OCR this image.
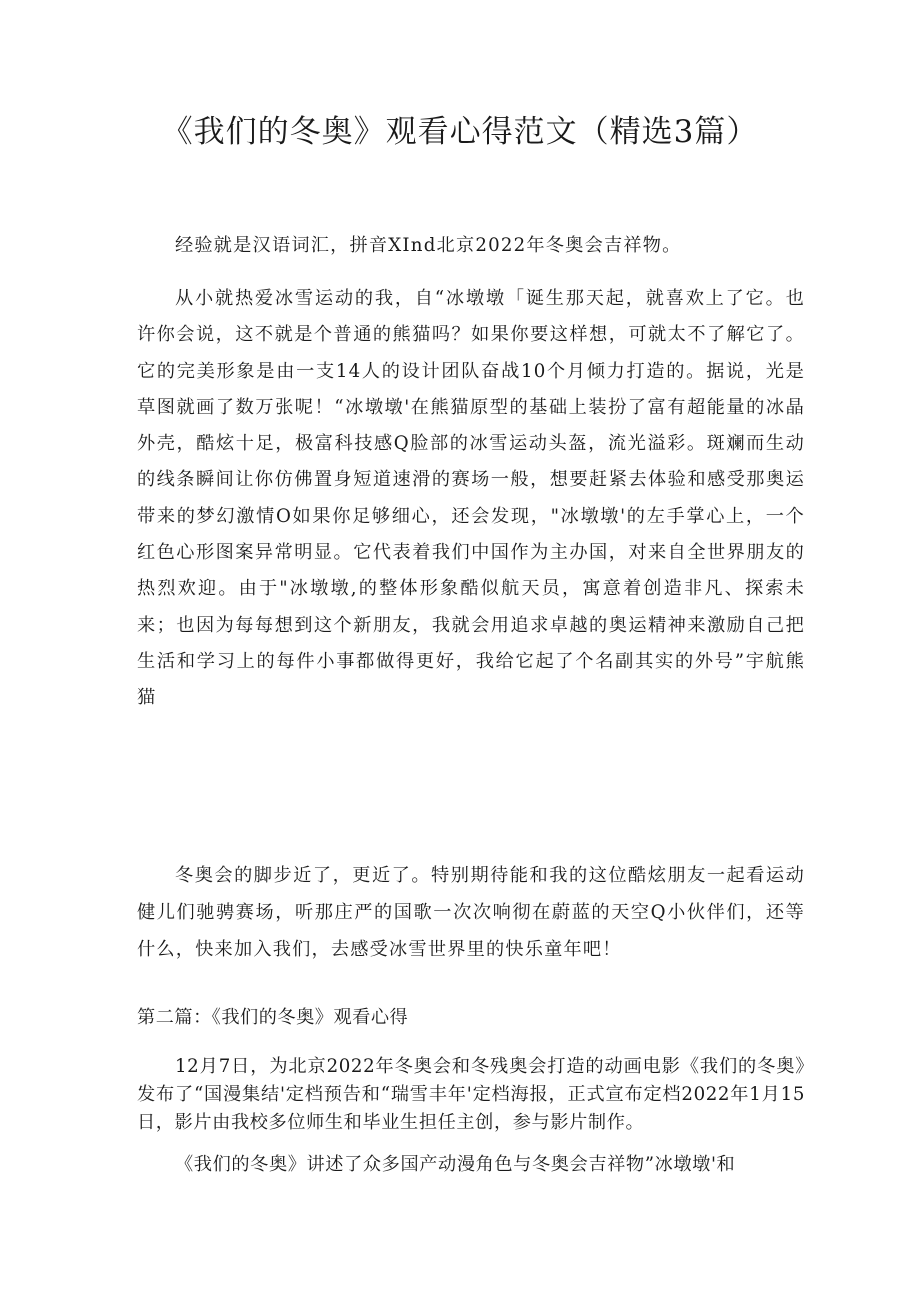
《我们的冬奥》观看心得范文（精选3篇）

经验就是汉语词汇，拼音XInd北京2022年冬奥会吉祥物。

从小就热爱冰雪运动的我，自“冰墩墩「诞生那天起，就喜欢上了它。也许你会说，这不就是个普通的熊猫吗？如果你要这样想，可就太不了解它了。它的完美形象是由一支14人的设计团队奋战10个月倾力打造的。据说，光是草图就画了数万张呢！“冰墩墩'在熊猫原型的基础上装扮了富有超能量的冰晶外壳，酷炫十足，极富科技感Q脸部的冰雪运动头盔，流光溢彩。斑斓而生动的线条瞬间让你仿佛置身短道速滑的赛场一般，想要赶紧去体验和感受那奥运带来的梦幻激情O如果你足够细心，还会发现，"冰墩墩'的左手掌心上，一个红色心形图案异常明显。它代表着我们中国作为主办国，对来自全世界朋友的热烈欢迎。由于"冰墩墩,的整体形象酷似航天员，寓意着创造非凡、探索未来；也因为每每想到这个新朋友，我就会用追求卓越的奥运精神来激励自己把生活和学习上的每件小事都做得更好，我给它起了个名副其实的外号”宇航熊猫

冬奥会的脚步近了，更近了。特别期待能和我的这位酷炫朋友一起看运动健儿们驰骋赛场，听那庄严的国歌一次次响彻在蔚蓝的天空Q小伙伴们，还等什么，快来加入我们，去感受冰雪世界里的快乐童年吧！

第二篇：《我们的冬奥》观看心得

12月7日，为北京2022年冬奥会和冬残奥会打造的动画电影《我们的冬奥》发布了“国漫集结'定档预告和“瑞雪丰年'定档海报，正式宣布定档2022年1月15日，影片由我校多位师生和毕业生担任主创，参与影片制作。

《我们的冬奥》讲述了众多国产动漫角色与冬奥会吉祥物”冰墩墩'和
